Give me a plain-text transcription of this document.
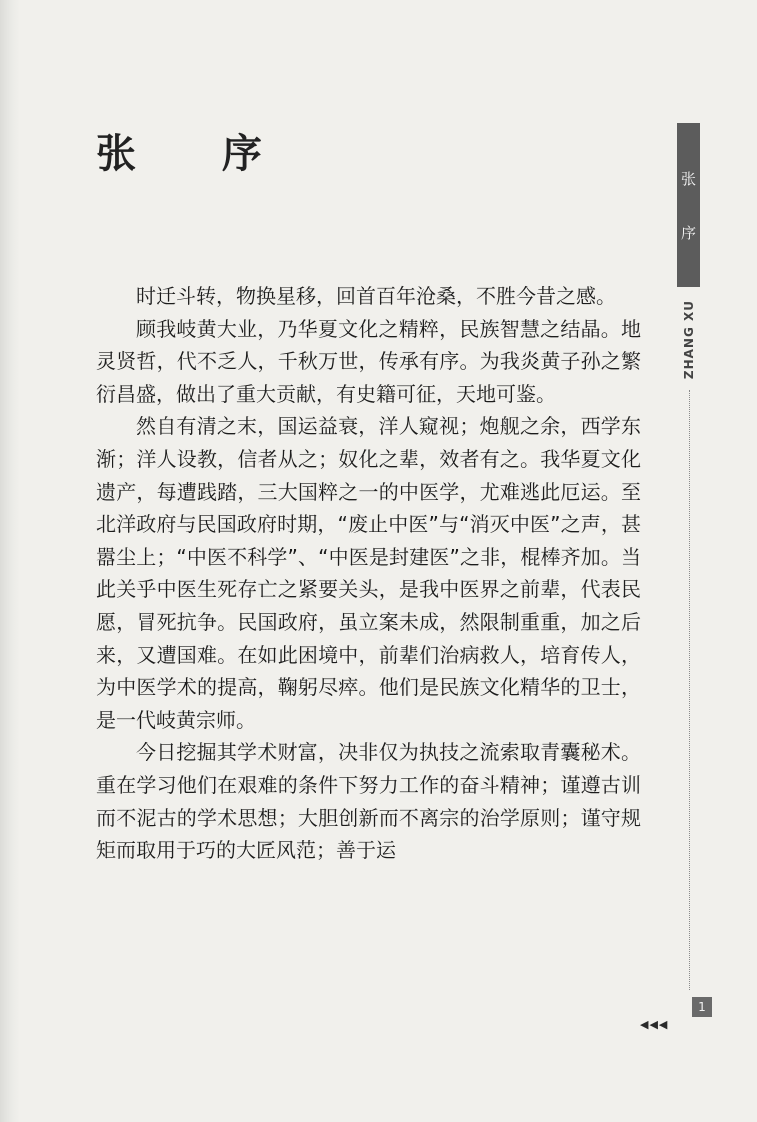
张 序

时迁斗转，物换星移，回首百年沧桑，不胜今昔之感。

顾我岐黄大业，乃华夏文化之精粹，民族智慧之结晶。地灵贤哲，代不乏人，千秋万世，传承有序。为我炎黄子孙之繁衍昌盛，做出了重大贡献，有史籍可征，天地可鉴。

然自有清之末，国运益衰，洋人窥视；炮舰之余，西学东渐；洋人设教，信者从之；奴化之辈，效者有之。我华夏文化遗产，每遭践踏，三大国粹之一的中医学，尤难逃此厄运。至北洋政府与民国政府时期，“废止中医”与“消灭中医”之声，甚嚣尘上；“中医不科学”、“中医是封建医”之非，棍棒齐加。当此关乎中医生死存亡之紧要关头，是我中医界之前辈，代表民愿，冒死抗争。民国政府，虽立案未成，然限制重重，加之后来，又遭国难。在如此困境中，前辈们治病救人，培育传人，为中医学术的提高，鞠躬尽瘁。他们是民族文化精华的卫士，是一代岐黄宗师。

今日挖掘其学术财富，决非仅为执技之流索取青囊秘术。重在学习他们在艰难的条件下努力工作的奋斗精神；谨遵古训而不泥古的学术思想；大胆创新而不离宗的治学原则；谨守规矩而取用于巧的大匠风范；善于运

张
序
ZHANG XU
1
◀◀◀
